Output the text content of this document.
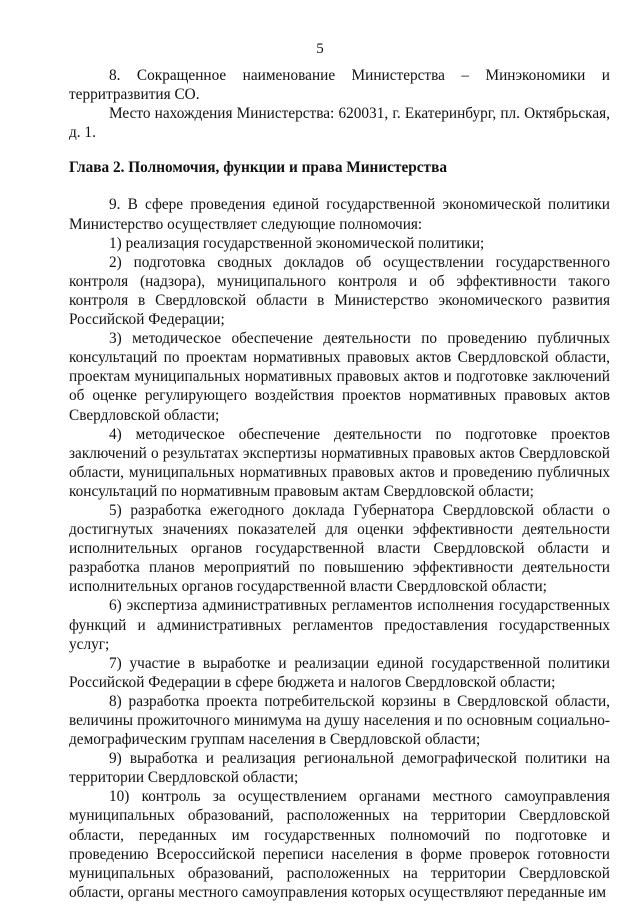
5

8. Сокращенное наименование Министерства – Минэкономики и территразвития СО.

Место нахождения Министерства: 620031, г. Екатеринбург, пл. Октябрьская, д. 1.

Глава 2. Полномочия, функции и права Министерства

9. В сфере проведения единой государственной экономической политики Министерство осуществляет следующие полномочия:

1) реализация государственной экономической политики;

2) подготовка сводных докладов об осуществлении государственного контроля (надзора), муниципального контроля и об эффективности такого контроля в Свердловской области в Министерство экономического развития Российской Федерации;

3) методическое обеспечение деятельности по проведению публичных консультаций по проектам нормативных правовых актов Свердловской области, проектам муниципальных нормативных правовых актов и подготовке заключений об оценке регулирующего воздействия проектов нормативных правовых актов Свердловской области;

4) методическое обеспечение деятельности по подготовке проектов заключений о результатах экспертизы нормативных правовых актов Свердловской области, муниципальных нормативных правовых актов и проведению публичных консультаций по нормативным правовым актам Свердловской области;

5) разработка ежегодного доклада Губернатора Свердловской области о достигнутых значениях показателей для оценки эффективности деятельности исполнительных органов государственной власти Свердловской области и разработка планов мероприятий по повышению эффективности деятельности исполнительных органов государственной власти Свердловской области;

6) экспертиза административных регламентов исполнения государственных функций и административных регламентов предоставления государственных услуг;

7) участие в выработке и реализации единой государственной политики Российской Федерации в сфере бюджета и налогов Свердловской области;

8) разработка проекта потребительской корзины в Свердловской области, величины прожиточного минимума на душу населения и по основным социально-демографическим группам населения в Свердловской области;

9) выработка и реализация региональной демографической политики на территории Свердловской области;

10) контроль за осуществлением органами местного самоуправления муниципальных образований, расположенных на территории Свердловской области, переданных им государственных полномочий по подготовке и проведению Всероссийской переписи населения в форме проверок готовности муниципальных образований, расположенных на территории Свердловской области, органы местного самоуправления которых осуществляют переданные им
